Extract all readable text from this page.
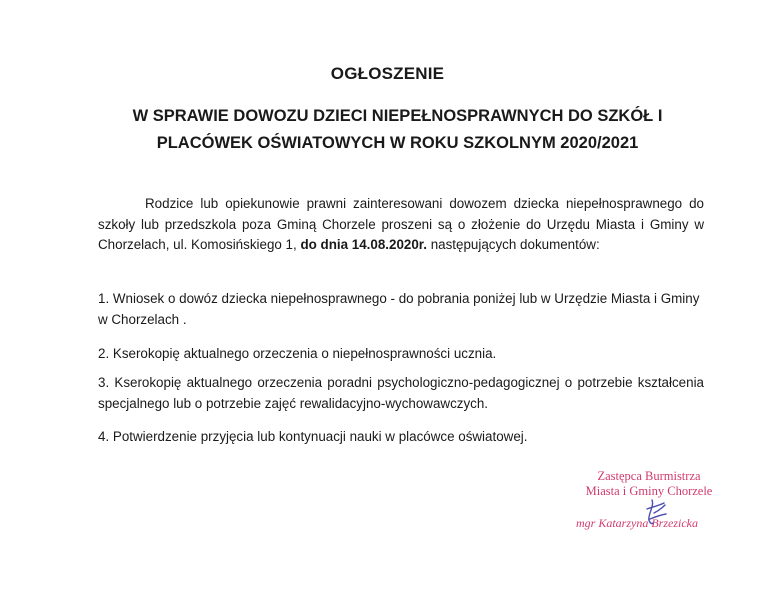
OGŁOSZENIE
W SPRAWIE DOWOZU DZIECI NIEPEŁNOSPRAWNYCH DO SZKÓŁ I
PLACÓWEK OŚWIATOWYCH W ROKU SZKOLNYM 2020/2021
Rodzice lub opiekunowie prawni zainteresowani dowozem dziecka niepełnosprawnego do szkoły lub przedszkola poza Gminą Chorzele proszeni są o złożenie do Urzędu Miasta i Gminy w Chorzelach, ul. Komosińskiego 1, do dnia 14.08.2020r. następujących dokumentów:
1. Wniosek o dowóz dziecka niepełnosprawnego - do pobrania poniżej lub w Urzędzie Miasta i Gminy w Chorzelach .
2. Kserokopię aktualnego orzeczenia o niepełnosprawności ucznia.
3. Kserokopię aktualnego orzeczenia poradni psychologiczno-pedagogicznej o potrzebie kształcenia specjalnego lub o potrzebie zajęć rewalidacyjno-wychowawczych.
4. Potwierdzenie przyjęcia lub kontynuacji nauki w placówce oświatowej.
Zastępca Burmistrza
Miasta i Gminy Chorzele
mgr Katarzyna Brzezicka
